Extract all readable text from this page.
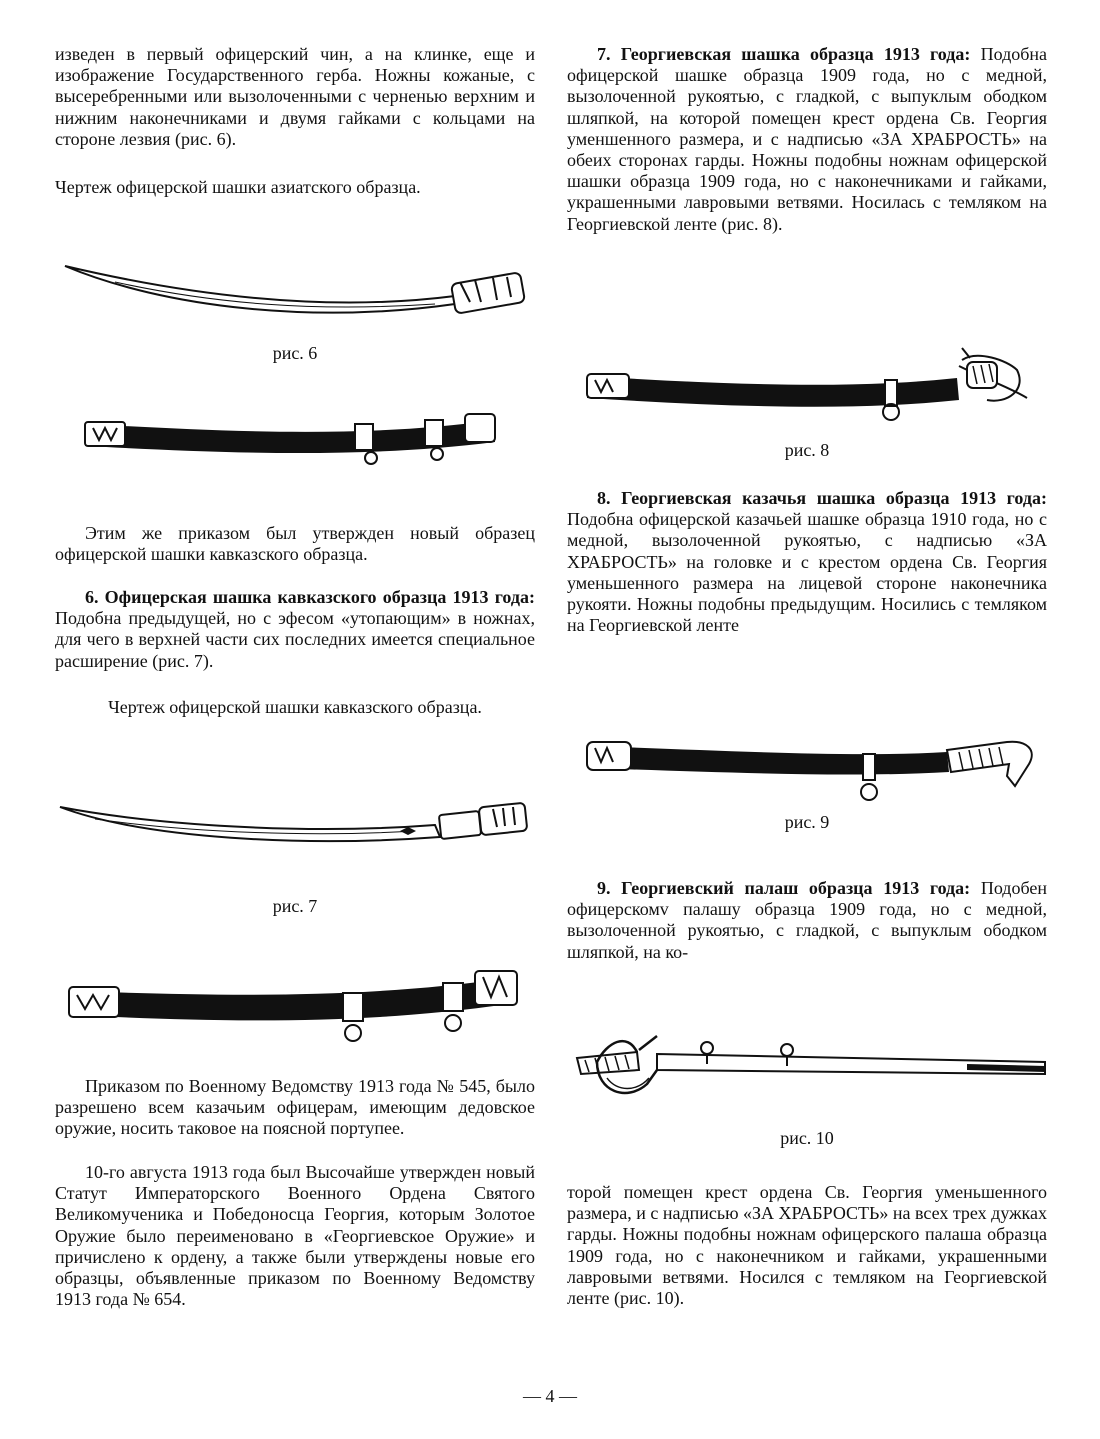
изведен в первый офицерский чин, а на клинке, еще и изображение Государственного герба. Ножны кожаные, с высеребренными или вызолоченными с черненью верхним и нижним наконечниками и двумя гайками с кольцами на стороне лезвия (рис. 6).

Чертеж офицерской шашки азиатского образца.

рис. 6

Этим же приказом был утвержден новый образец офицерской шашки кавказского образца.

6. Офицерская шашка кавказского образца 1913 года: Подобна предыдущей, но с эфесом «утопающим» в ножнах, для чего в верхней части сих последних имеется специальное расширение (рис. 7).

Чертеж офицерской шашки кавказского образца.

рис. 7

Приказом по Военному Ведомству 1913 года № 545, было разрешено всем казачьим офицерам, имеющим дедовское оружие, носить таковое на поясной портупее.

10-го августа 1913 года был Высочайше утвержден новый Статут Императорского Военного Ордена Святого Великомученика и Победоносца Георгия, которым Золотое Оружие было переименовано в «Георгиевское Оружие» и причислено к ордену, а также были утверждены новые его образцы, объявленные приказом по Военному Ведомству 1913 года № 654.

7. Георгиевская шашка образца 1913 года: Подобна офицерской шашке образца 1909 года, но с медной, вызолоченной рукоятью, с гладкой, с выпуклым ободком шляпкой, на которой помещен крест ордена Св. Георгия уменшенного размера, и с надписью «ЗА ХРАБРОСТЬ» на обеих сторонах гарды. Ножны подобны ножнам офицерской шашки образца 1909 года, но с наконечниками и гайками, украшенными лавровыми ветвями. Носилась с темляком на Георгиевской ленте (рис. 8).

рис. 8

8. Георгиевская казачья шашка образца 1913 года: Подобна офицерской казачьей шашке образца 1910 года, но с медной, вызолоченной рукоятью, с надписью «ЗА ХРАБРОСТЬ» на головке и с крестом ордена Св. Георгия уменьшенного размера на лицевой стороне наконечника рукояти. Ножны подобны предыдущим. Носились с темляком на Георгиевской ленте

рис. 9

9. Георгиевский палаш образца 1913 года: Подобен офицерскомv палашу образца 1909 года, но с медной, вызолоченной рукоятью, с гладкой, с выпуклым ободком шляпкой, на ко-

рис. 10

торой помещен крест ордена Св. Георгия уменьшенного размера, и с надписью «ЗА ХРАБРОСТЬ» на всех трех дужках гарды. Ножны подобны ножнам офицерского палаша образца 1909 года, но с наконечником и гайками, украшенными лавровыми ветвями. Носился с темляком на Георгиевской ленте (рис. 10).

— 4 —
